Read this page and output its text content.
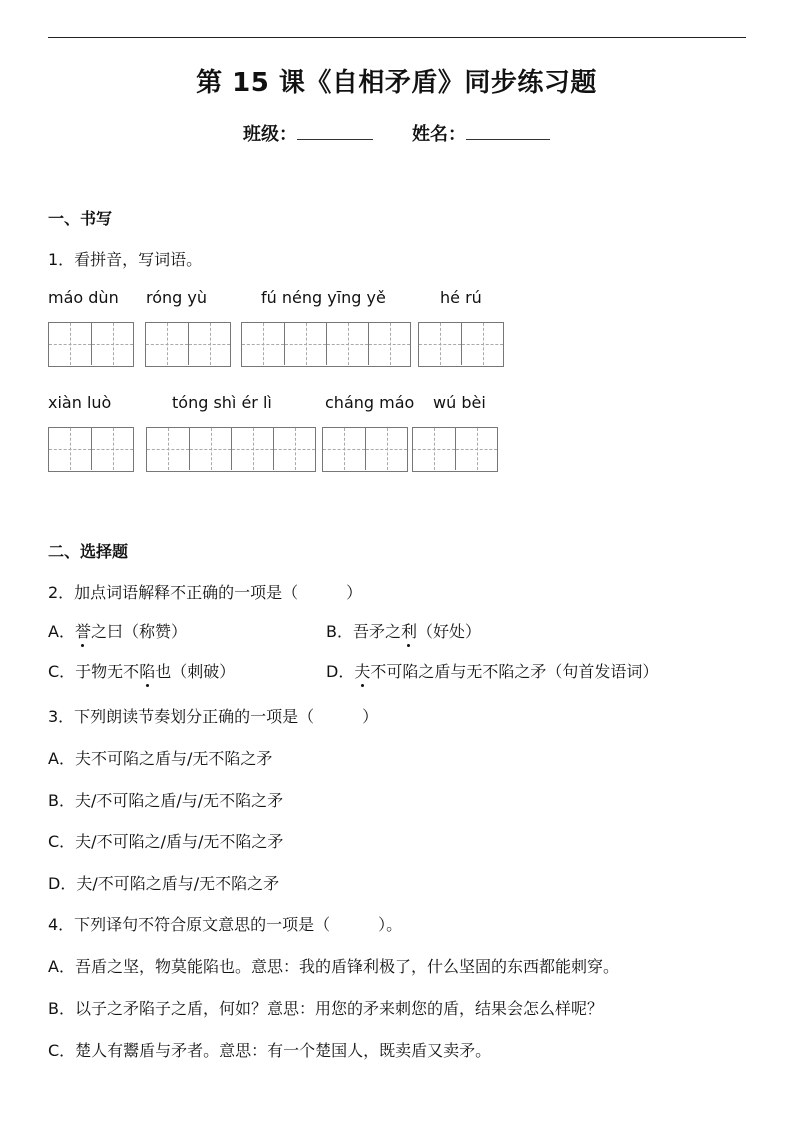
第 15 课《自相矛盾》同步练习题
班级：	姓名：
一、书写
1．看拼音，写词语。
máo dùn róng yù	fú néng yīng yě	hé rú
xiàn luò	tóng shì ér lì	cháng máo wú bèi
二、选择题
2．加点词语解释不正确的一项是（　　　）
A．誉之曰（称赞）	B．吾矛之利（好处）
C．于物无不陷也（刺破）	D．夫不可陷之盾与无不陷之矛（句首发语词）
3．下列朗读节奏划分正确的一项是（　　　）
A．夫不可陷之盾与/无不陷之矛
B．夫/不可陷之盾/与/无不陷之矛
C．夫/不可陷之/盾与/无不陷之矛
D．夫/不可陷之盾与/无不陷之矛
4．下列译句不符合原文意思的一项是（　　　）。
A．吾盾之坚，物莫能陷也。意思：我的盾锋利极了，什么坚固的东西都能刺穿。
B．以子之矛陷子之盾，何如？意思：用您的矛来刺您的盾，结果会怎么样呢？
C．楚人有鬻盾与矛者。意思：有一个楚国人，既卖盾又卖矛。
